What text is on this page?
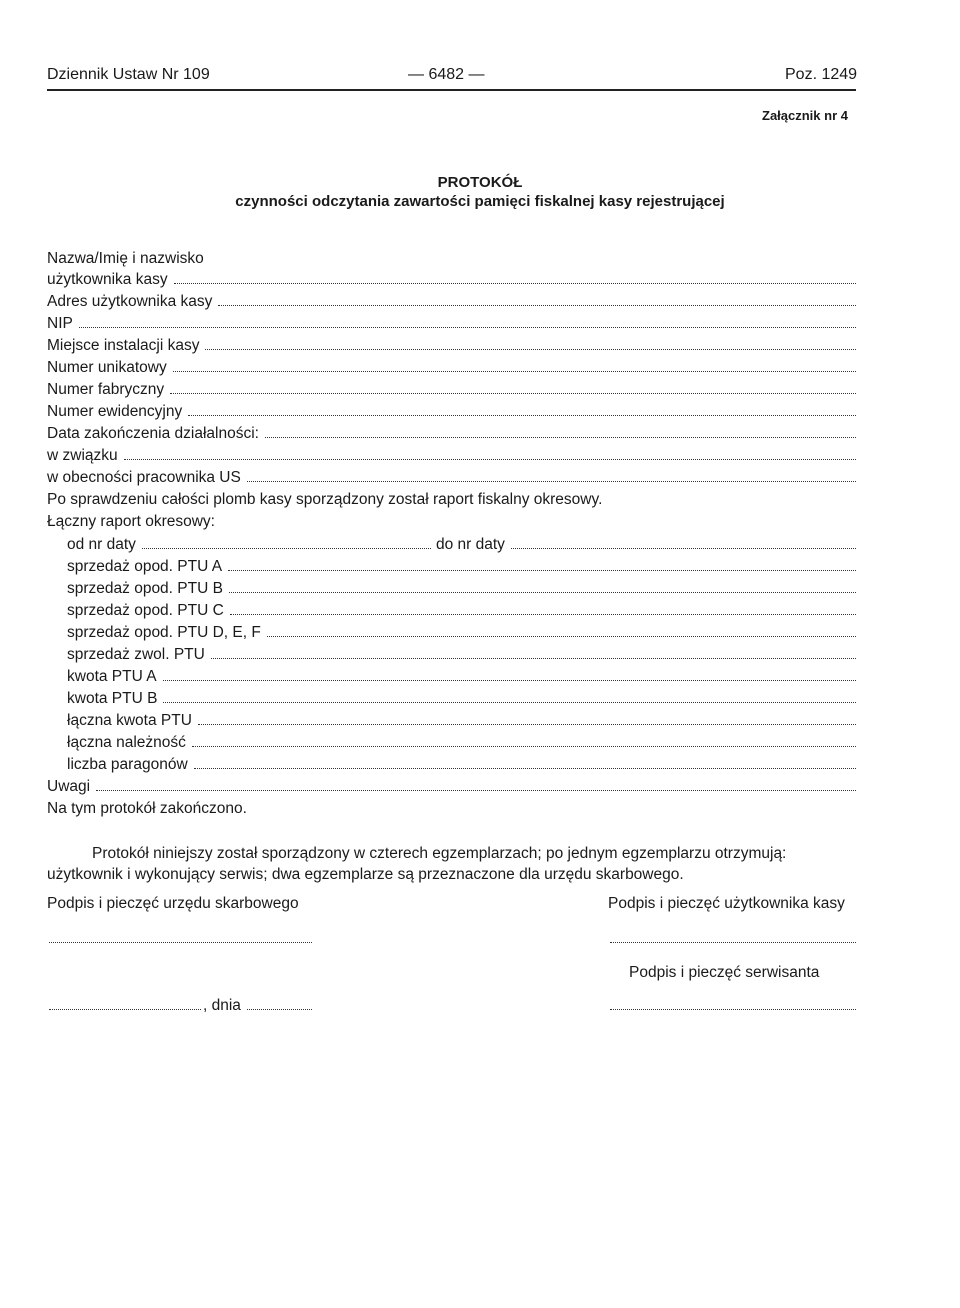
Dziennik Ustaw Nr 109	— 6482 —	Poz. 1249
Załącznik nr 4
PROTOKÓŁ
czynności odczytania zawartości pamięci fiskalnej kasy rejestrującej
Nazwa/Imię i nazwisko
użytkownika kasy
Adres użytkownika kasy
NIP
Miejsce instalacji kasy
Numer unikatowy
Numer fabryczny
Numer ewidencyjny
Data zakończenia działalności:
w związku
w obecności pracownika US
Po sprawdzeniu całości plomb kasy sporządzony został raport fiskalny okresowy.
Łączny raport okresowy:
od nr daty	do nr daty
sprzedaż opod. PTU A
sprzedaż opod. PTU B
sprzedaż opod. PTU C
sprzedaż opod. PTU D, E, F
sprzedaż zwol. PTU
kwota PTU A
kwota PTU B
łączna kwota PTU
łączna należność
liczba paragonów
Uwagi
Na tym protokół zakończono.
Protokół niniejszy został sporządzony w czterech egzemplarzach; po jednym egzemplarzu otrzymują: użytkownik i wykonujący serwis; dwa egzemplarze są przeznaczone dla urzędu skarbowego.
Podpis i pieczęć urzędu skarbowego	Podpis i pieczęć użytkownika kasy
Podpis i pieczęć serwisanta
, dnia
